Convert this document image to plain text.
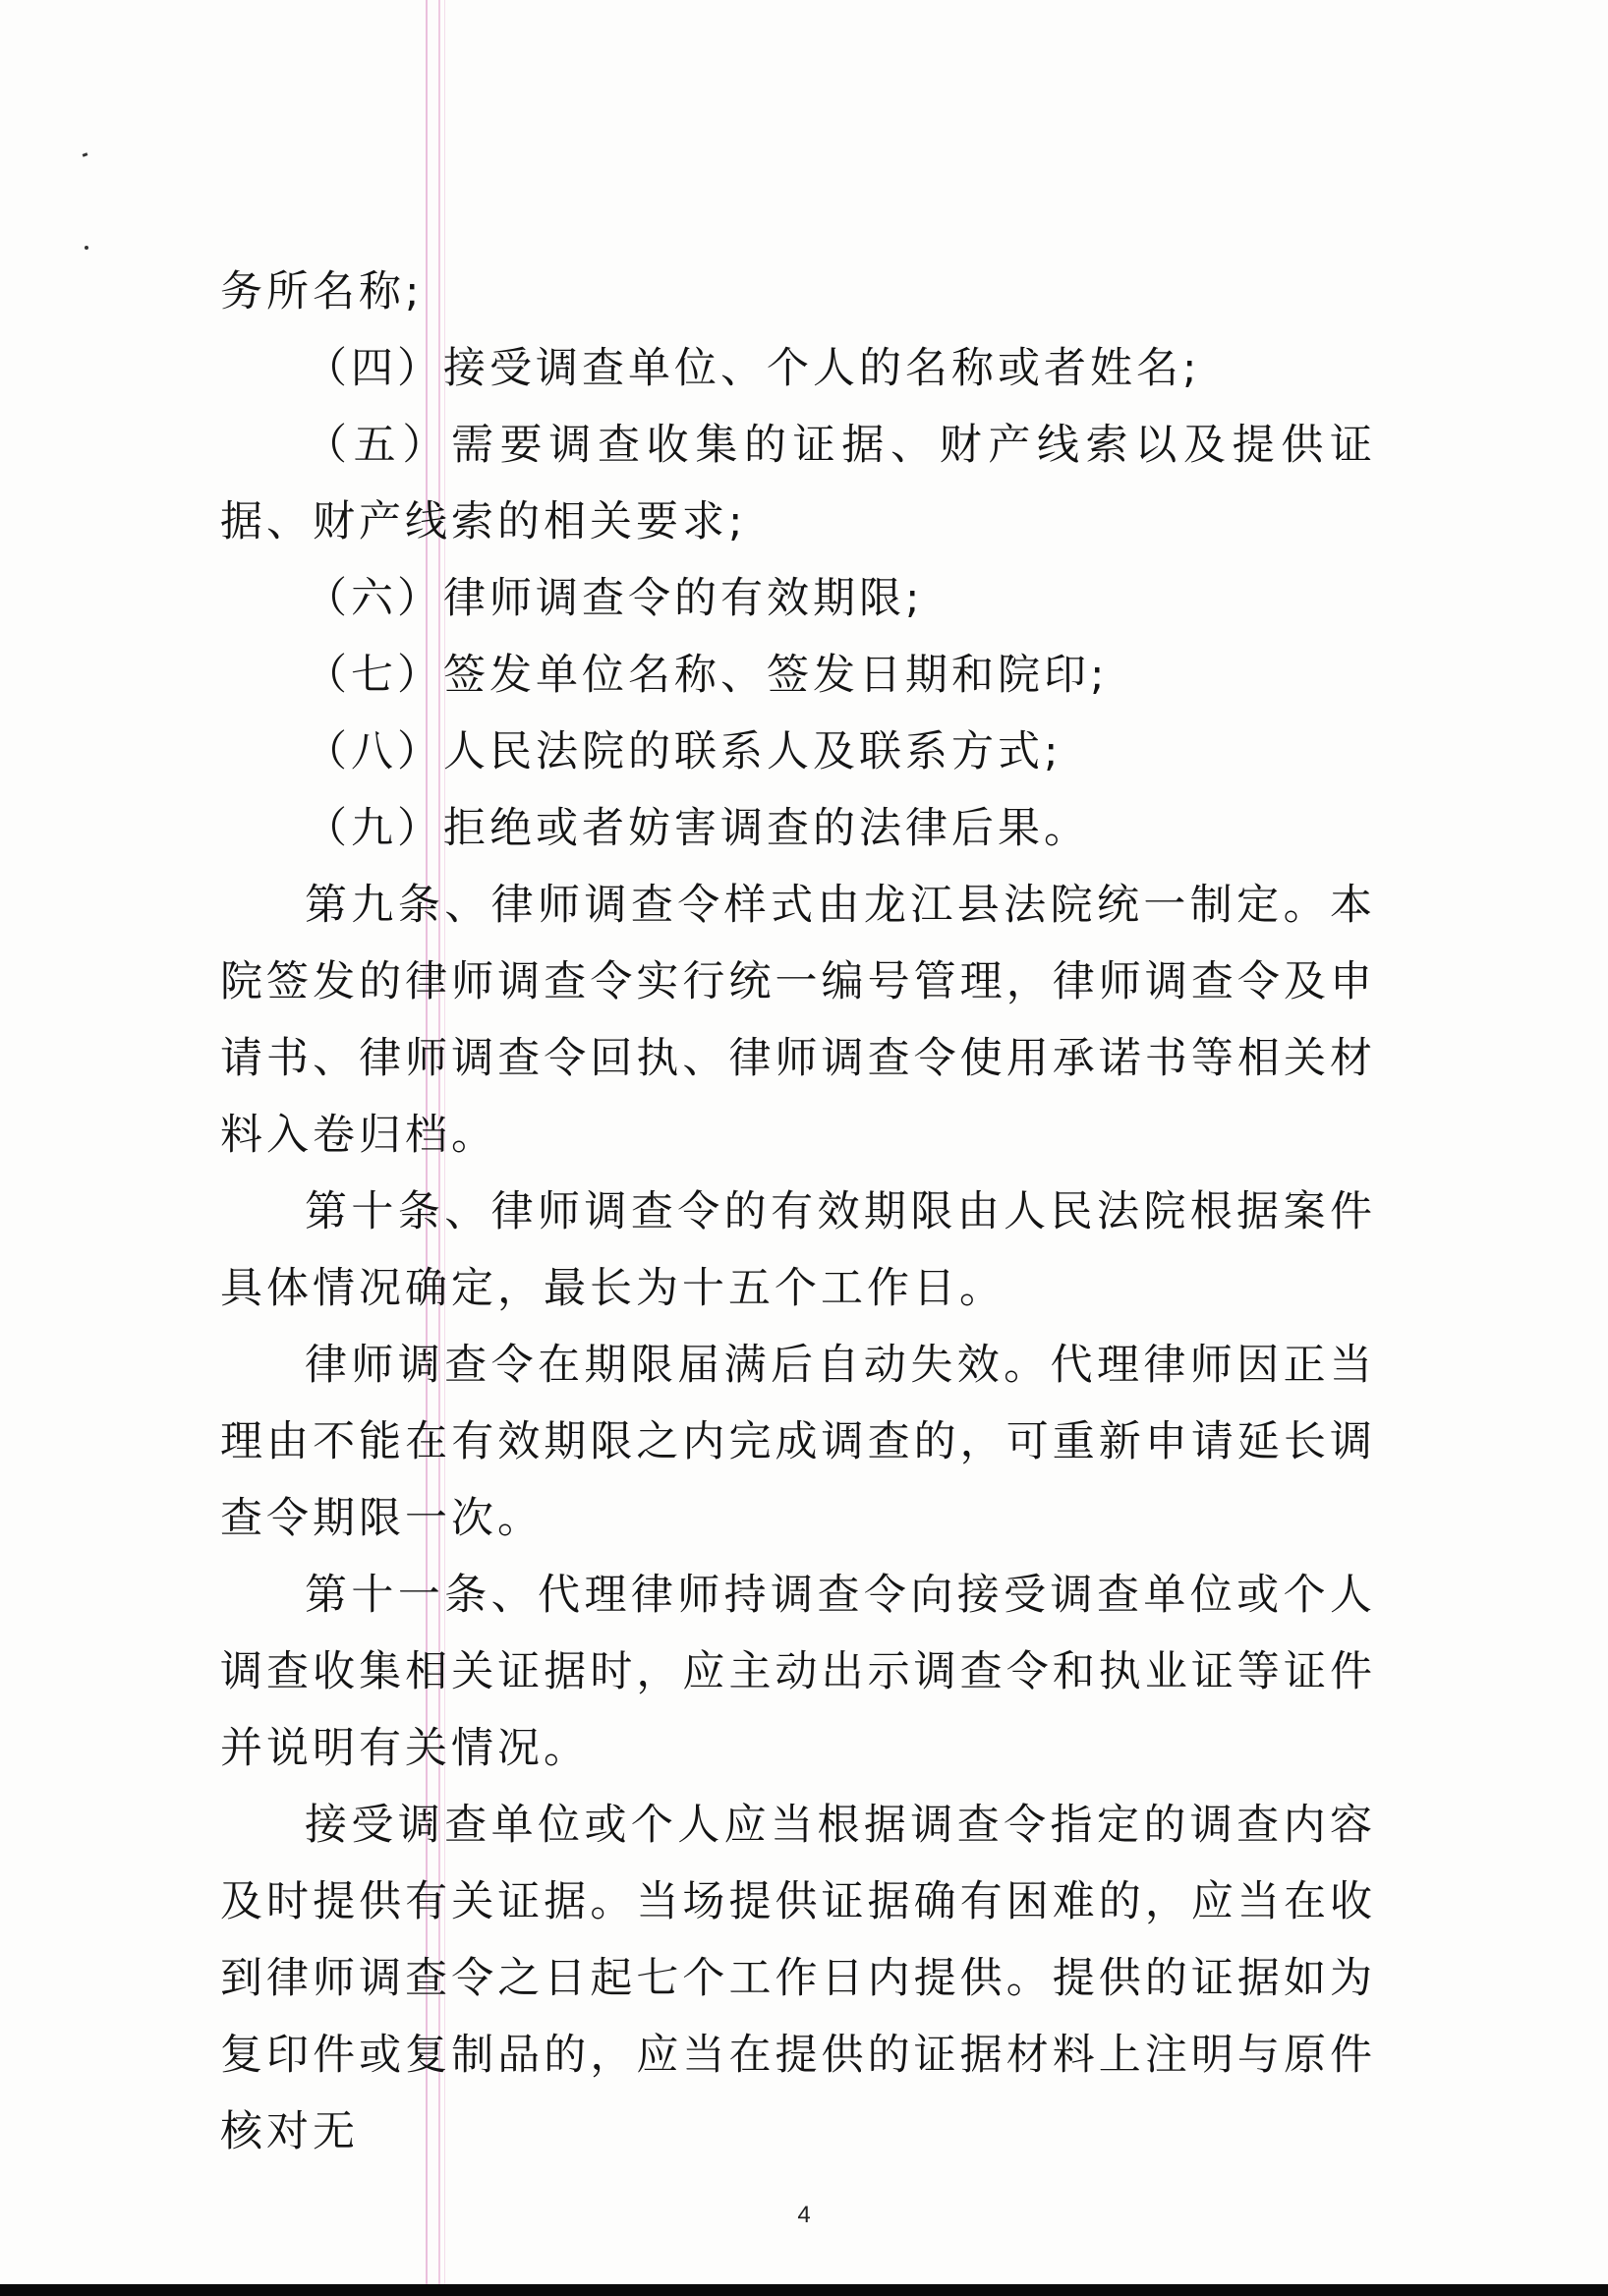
务所名称;

（四）接受调查单位、个人的名称或者姓名;

（五）需要调查收集的证据、财产线索以及提供证据、财产线索的相关要求;

（六）律师调查令的有效期限;

（七）签发单位名称、签发日期和院印;

（八）人民法院的联系人及联系方式;

（九）拒绝或者妨害调查的法律后果。

第九条、律师调查令样式由龙江县法院统一制定。本院签发的律师调查令实行统一编号管理，律师调查令及申请书、律师调查令回执、律师调查令使用承诺书等相关材料入卷归档。

第十条、律师调查令的有效期限由人民法院根据案件具体情况确定，最长为十五个工作日。

律师调查令在期限届满后自动失效。代理律师因正当理由不能在有效期限之内完成调查的，可重新申请延长调查令期限一次。

第十一条、代理律师持调查令向接受调查单位或个人调查收集相关证据时，应主动出示调查令和执业证等证件并说明有关情况。

接受调查单位或个人应当根据调查令指定的调查内容及时提供有关证据。当场提供证据确有困难的，应当在收到律师调查令之日起七个工作日内提供。提供的证据如为复印件或复制品的，应当在提供的证据材料上注明与原件核对无

4
